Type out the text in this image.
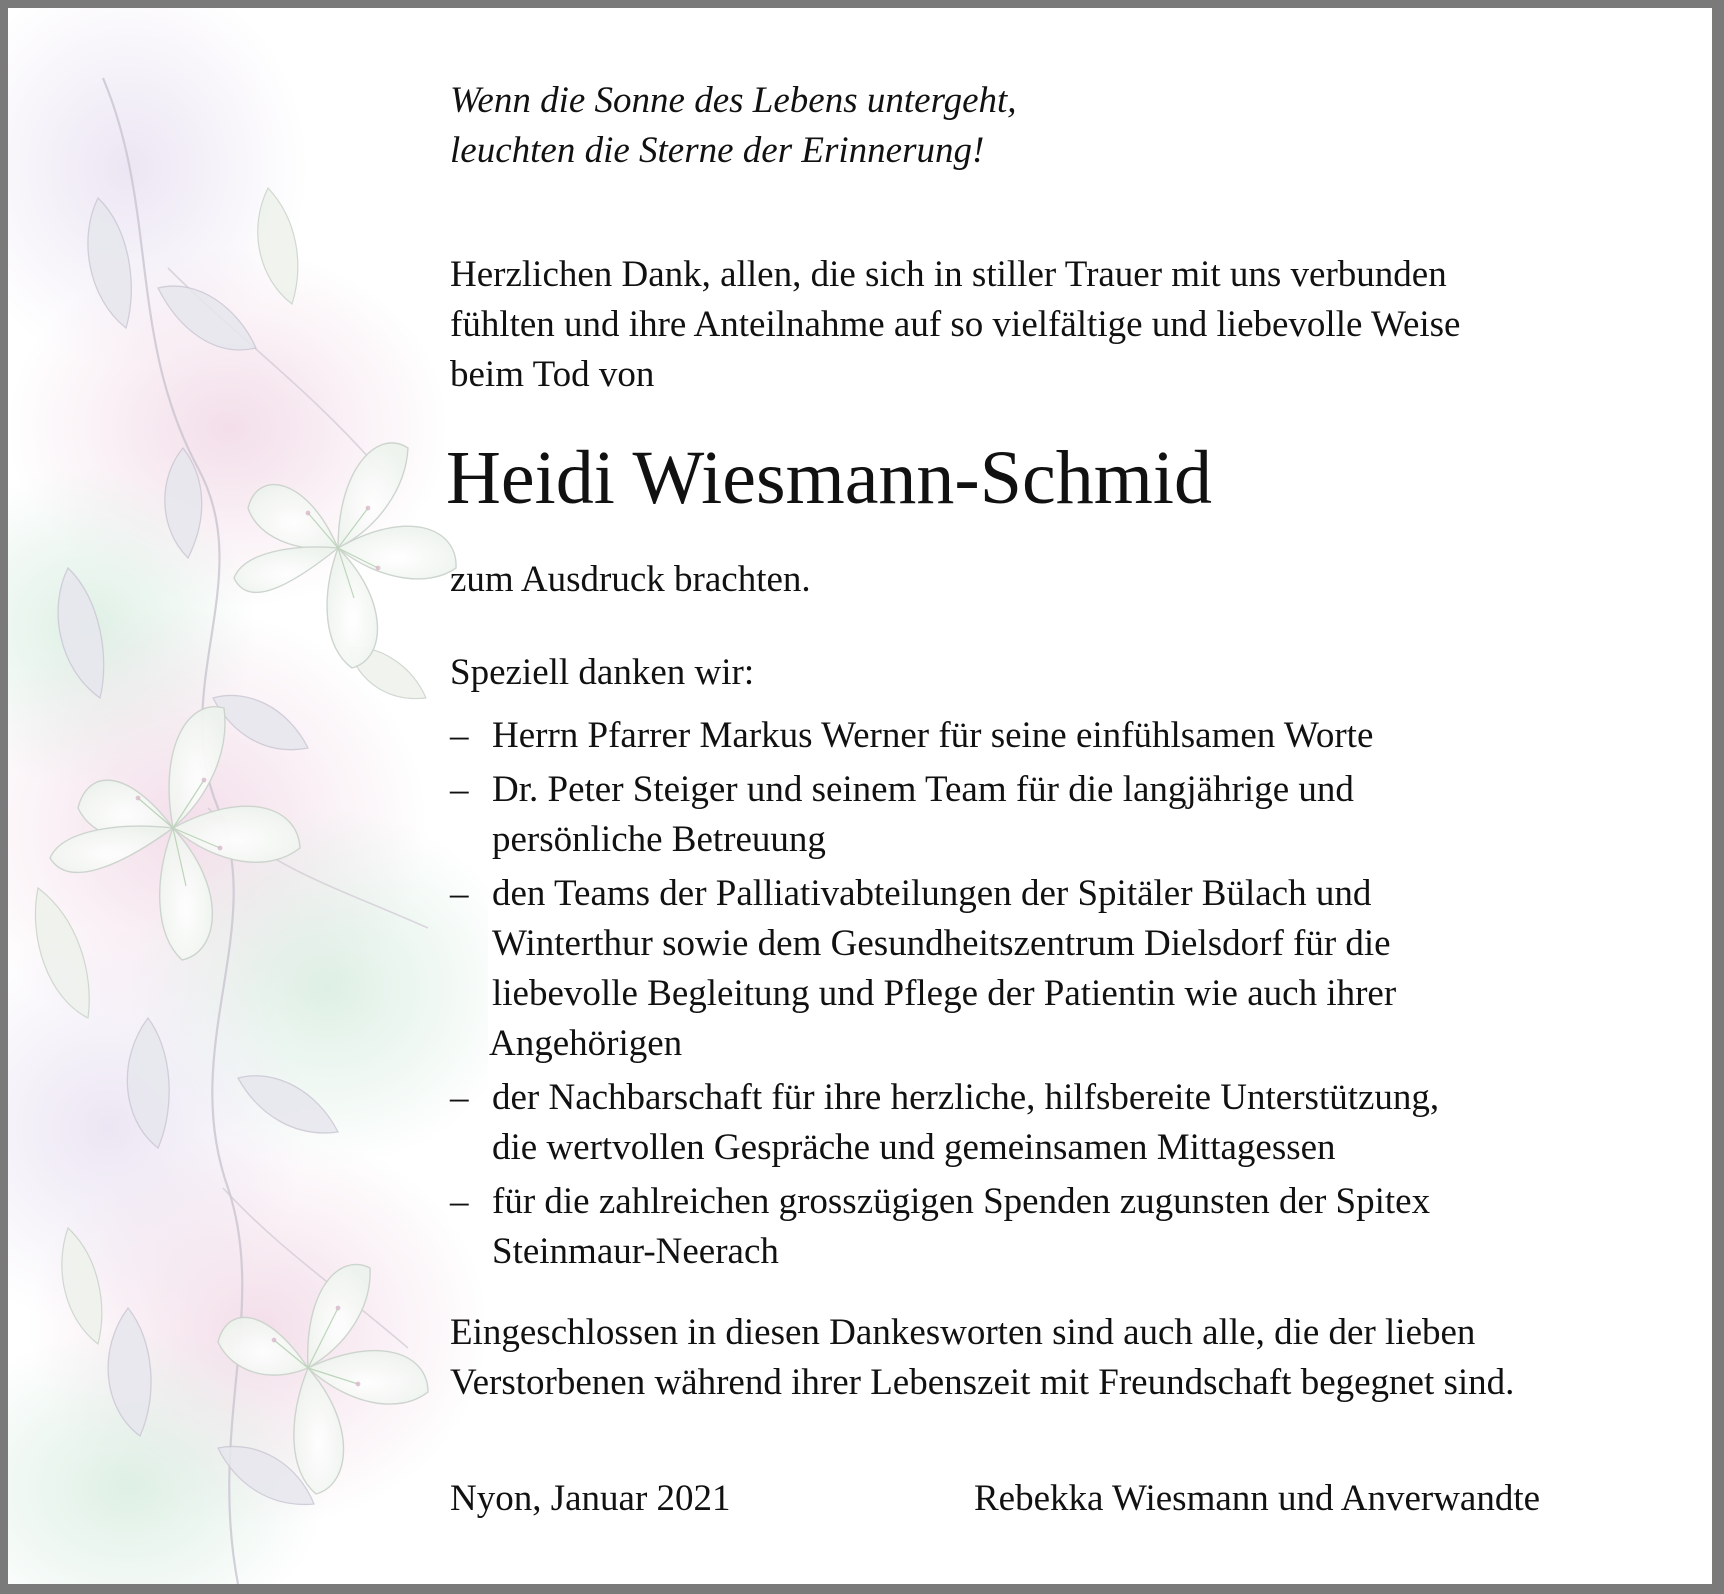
Wenn die Sonne des Lebens untergeht,
leuchten die Sterne der Erinnerung!
Herzlichen Dank, allen, die sich in stiller Trauer mit uns verbunden
fühlten und ihre Anteilnahme auf so vielfältige und liebevolle Weise
beim Tod von
Heidi Wiesmann-Schmid
zum Ausdruck brachten.
Speziell danken wir:
– Herrn Pfarrer Markus Werner für seine einfühlsamen Worte
– Dr. Peter Steiger und seinem Team für die langjährige und
persönliche Betreuung
– den Teams der Palliativabteilungen der Spitäler Bülach und
Winterthur sowie dem Gesundheitszentrum Dielsdorf für die
liebevolle Begleitung und Pflege der Patientin wie auch ihrer
Angehörigen
– der Nachbarschaft für ihre herzliche, hilfsbereite Unterstützung,
die wertvollen Gespräche und gemeinsamen Mittagessen
– für die zahlreichen grosszügigen Spenden zugunsten der Spitex
Steinmaur-Neerach
Eingeschlossen in diesen Dankesworten sind auch alle, die der lieben
Verstorbenen während ihrer Lebenszeit mit Freundschaft begegnet sind.
Nyon, Januar 2021	Rebekka Wiesmann und Anverwandte
